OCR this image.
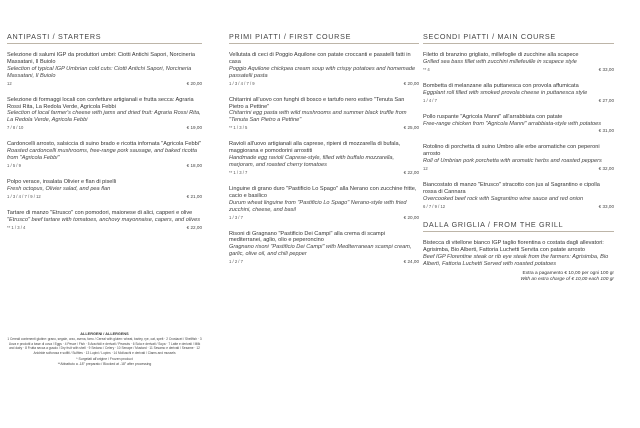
ANTIPASTI / STARTERS
Selezione di salumi IGP da produttori umbri: Ciotti Antichi Sapori, Norcineria Massatani, Il Buiolo
Selection of typical IGP Umbrian cold cuts: Ciotti Antichi Sapori, Norcineria Massatani, Il Buiolo
12	€ 20,00
Selezione di formaggi locali con confetture artigianali e frutta secca: Agraria Rossi Rita, La Redola Verde, Agricola Febbi
Selection of local farmer's cheese with jams and dried fruit: Agraria Rossi Rita, La Redola Verde, Agricola Febbi
7 / 8 / 10	€ 19,00
Cardoncelli arrosto, salsiccia di suino brado e ricotta infornata "Agricola Febbi"
Roasted cardoncelli mushrooms, free-range pork sausage, and baked ricotta from "Agricola Febbi"
1 / 5 / 9	€ 18,00
Polpo verace, insalata Olivier e flan di piselli
Fresh octopus, Olivier salad, and pea flan
1 / 3 / 4 / 7 / 9 / 12	€ 21,00
Tartare di manzo "Etrusco" con pomodori, maionese di alici, capperi e olive
"Etrusco" beef tartare with tomatoes, anchovy mayonnaise, capers, and olives
** 1 / 3 / 4	€ 22,00
ALLERGENI / ALLERGENS
1 Cereali contenenti glutine: grano, segale, orzo, avena, farro / Cereal with gluten: wheat, barley, rye, oat, spelt · 2 Crostacei / Shellfish · 3 Uova e prodotti a base di uova / Eggs · 4 Pesce / Fish · 5 Arachidi e derivati / Peanuts · 6 Soia e derivati / Soya · 7 Latte e derivati / Milk and dairy · 8 Frutta secca a guscio / Dry fruit with shell · 9 Sedano / Celery · 10 Senape / Mustard · 11 Sesamo e derivati / Sesame · 12 Anidride solforosa e solfiti / Sulfites · 13 Lupini / Lupins · 14 Molluschi e derivati / Clams and mussels
* Surgelati all'origine / Frozen product
**Abbattuto a -18° preparato / Blocked at -18° after processing
PRIMI PIATTI / FIRST COURSE
Vellutata di ceci di Poggio Aquilone con patate croccanti e pasatelli fatti in casa
Poggio Aquilone chickpea cream soup with crispy potatoes and homemade passatelli pasta
1 / 3 / 4 / 7 / 9	€ 20,00
Chitarrini all'uovo con funghi di bosco e tartufo nero estivo "Tenuta San Pietro a Pettine"
Chitarrini egg pasta with wild mushrooms and summer black truffle from "Tenuta San Pietro a Pettine"
** 1 / 3 / 5	€ 25,00
Ravioli all'uovo artigianali alla caprese, ripieni di mozzarella di bufala, maggiorana e pomodorini arrostiti
Handmade egg ravioli Caprese-style, filled with buffalo mozzarella, marjoram, and roasted cherry tomatoes
** 1 / 3 / 7	€ 22,00
Linguine di grano duro "Pastificio Lo Spago" alla Nerano con zucchine fritte, cacio e basilico
Durum wheat linguine from "Pastificio Lo Spago" Nerano-style with fried zucchini, cheese, and basil
1 / 3 / 7	€ 20,00
Risoni di Gragnano "Pastificio Dei Campi" alla crema di scampi mediterranei, aglio, olio e peperoncino
Gragnano risoni "Pastificio Dei Campi" with Mediterranean scampi cream, garlic, olive oil, and chili pepper
1 / 2 / 7	€ 24,00
SECONDI PIATTI / MAIN COURSE
Filetto di branzino grigliato, millefoglie di zucchine alla scapece
Grilled sea bass fillet with zucchini millefeuille in scapece style
** 4	€ 33,00
Bombetta di melanzane alla puttanesca con provola affumicata
Eggplant roll filled with smoked provola cheese in puttanesca style
1 / 4 / 7	€ 27,00
Pollo ruspante "Agricola Manni" all'arrabbiata con patate
Free-range chicken from "Agricola Manni" arrabbiata-style with potatoes
€ 31,00
Rotolino di porchetta di suino Umbro alle erbe aromatiche con peperoni arrosto
Roll of Umbrian pork porchetta with aromatic herbs and roasted peppers
12	€ 32,00
Biancostato di manzo "Etrusco" stracotto con jus al Sagrantino e cipolla rossa di Cannara
Overcooked beef rock with Sagrantino wine sauce and red onion
6 / 7 / 9 / 12	€ 33,00
DALLA GRIGLIA / FROM THE GRILL
Bistecca di vitellone bianco IGP taglio fiorentina o costata dagli allevatori: Agrisimba, Bio Alberti, Fattoria Luchetti Servita con patate arrosto
Beef IGP Florentine steak or rib eye steak from the farmers: Agrisimba, Bio Alberti, Fattoria Luchetti Served with roasted potatoes
Extra a pagamento € 10,00 per ogni 100 gr
With an extra charge of € 10,00 each 100 gr
